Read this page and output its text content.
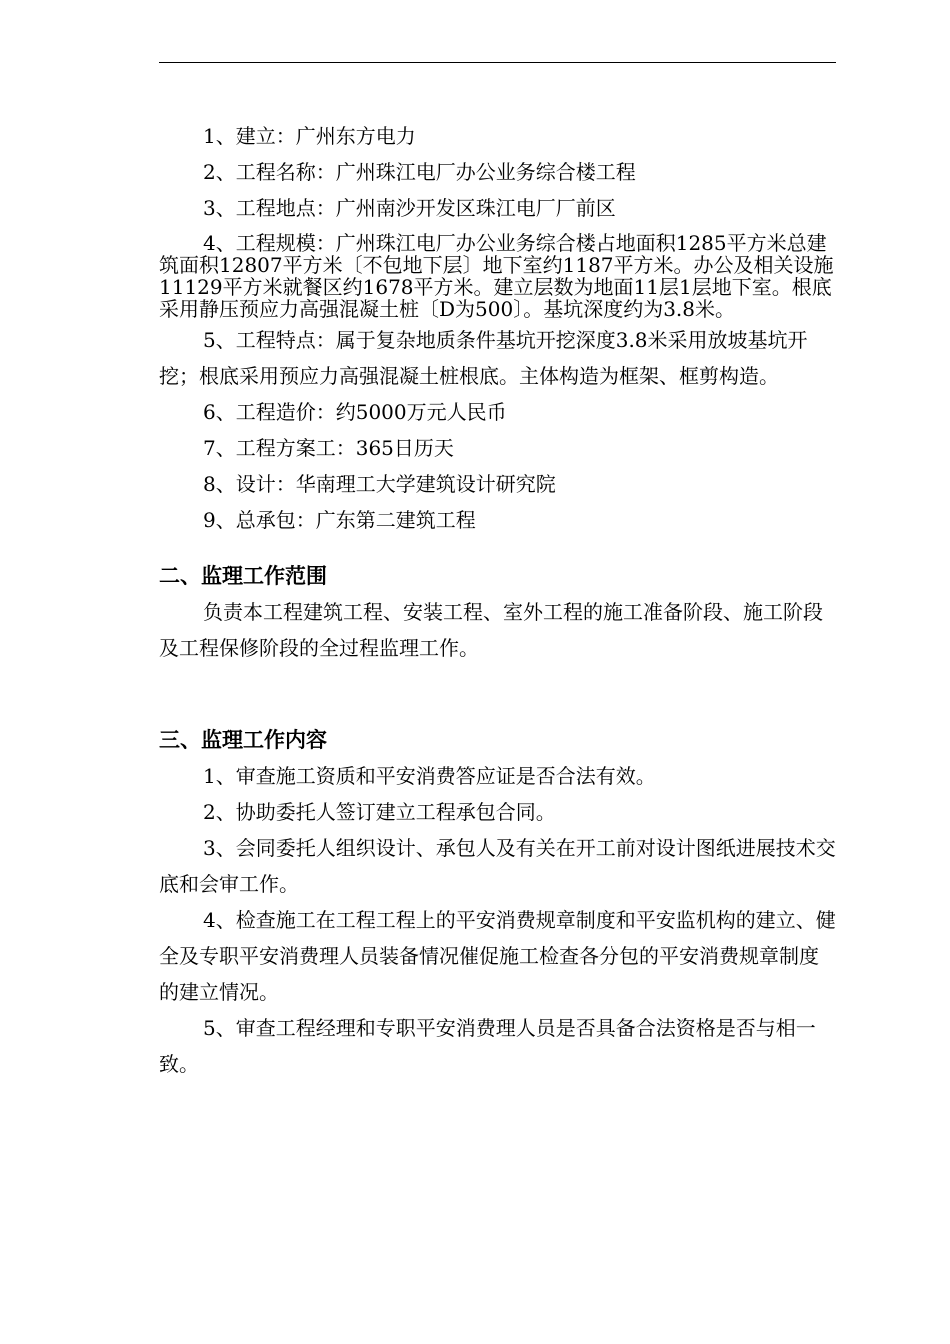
1、建立：广州东方电力

2、工程名称：广州珠江电厂办公业务综合楼工程

3、工程地点：广州南沙开发区珠江电厂厂前区

4、工程规模：广州珠江电厂办公业务综合楼占地面积1285平方米总建筑面积12807平方米〔不包地下层〕地下室约1187平方米。办公及相关设施11129平方米就餐区约1678平方米。建立层数为地面11层1层地下室。根底采用静压预应力高强混凝土桩〔D为500〕。基坑深度约为3.8米。

5、工程特点：属于复杂地质条件基坑开挖深度3.8米采用放坡基坑开挖；根底采用预应力高强混凝土桩根底。主体构造为框架、框剪构造。

6、工程造价：约5000万元人民币

7、工程方案工：365日历天

8、设计：华南理工大学建筑设计研究院

9、总承包：广东第二建筑工程

二、监理工作范围

负责本工程建筑工程、安装工程、室外工程的施工准备阶段、施工阶段及工程保修阶段的全过程监理工作。

三、监理工作内容

1、审查施工资质和平安消费答应证是否合法有效。

2、协助委托人签订建立工程承包合同。

3、会同委托人组织设计、承包人及有关在开工前对设计图纸进展技术交底和会审工作。

4、检查施工在工程工程上的平安消费规章制度和平安监机构的建立、健全及专职平安消费理人员装备情况催促施工检查各分包的平安消费规章制度的建立情况。

5、审查工程经理和专职平安消费理人员是否具备合法资格是否与相一致。
